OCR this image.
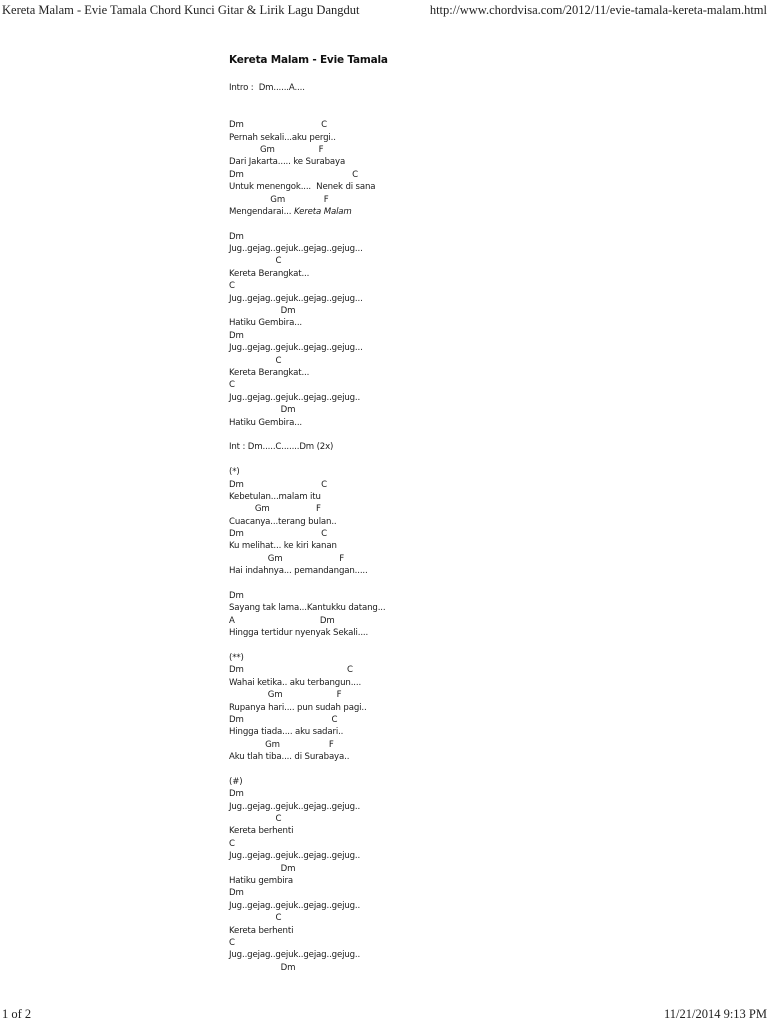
Kereta Malam - Evie Tamala Chord Kunci Gitar & Lirik Lagu Dangdut	http://www.chordvisa.com/2012/11/evie-tamala-kereta-malam.html
Kereta Malam - Evie Tamala
Intro :  Dm......A....
Dm                              C
Pernah sekali...aku pergi..
Gm                 F
Dari Jakarta..... ke Surabaya
Dm                                          C
Untuk menengok....  Nenek di sana
Gm               F
Mengendarai... Kereta Malam
Dm
Jug..gejag..gejuk..gejag..gejug...
C
Kereta Berangkat...
C
Jug..gejag..gejuk..gejag..gejug...
Dm
Hatiku Gembira...
Dm
Jug..gejag..gejuk..gejag..gejug...
C
Kereta Berangkat...
C
Jug..gejag..gejuk..gejag..gejug..
Dm
Hatiku Gembira...
Int : Dm.....C.......Dm (2x)
(*)
Dm                              C
Kebetulan...malam itu
Gm                  F
Cuacanya...terang bulan..
Dm                              C
Ku melihat... ke kiri kanan
Gm                      F
Hai indahnya... pemandangan.....
Dm
Sayang tak lama...Kantukku datang...
A                                 Dm
Hingga tertidur nyenyak Sekali....
(**)
Dm                                        C
Wahai ketika.. aku terbangun....
Gm                     F
Rupanya hari.... pun sudah pagi..
Dm                                  C
Hingga tiada.... aku sadari..
Gm                   F
Aku tlah tiba.... di Surabaya..
(#)
Dm
Jug..gejag..gejuk..gejag..gejug..
C
Kereta berhenti
C
Jug..gejag..gejuk..gejag..gejug..
Dm
Hatiku gembira
Dm
Jug..gejag..gejuk..gejag..gejug..
C
Kereta berhenti
C
Jug..gejag..gejuk..gejag..gejug..
Dm
1 of 2	11/21/2014 9:13 PM
